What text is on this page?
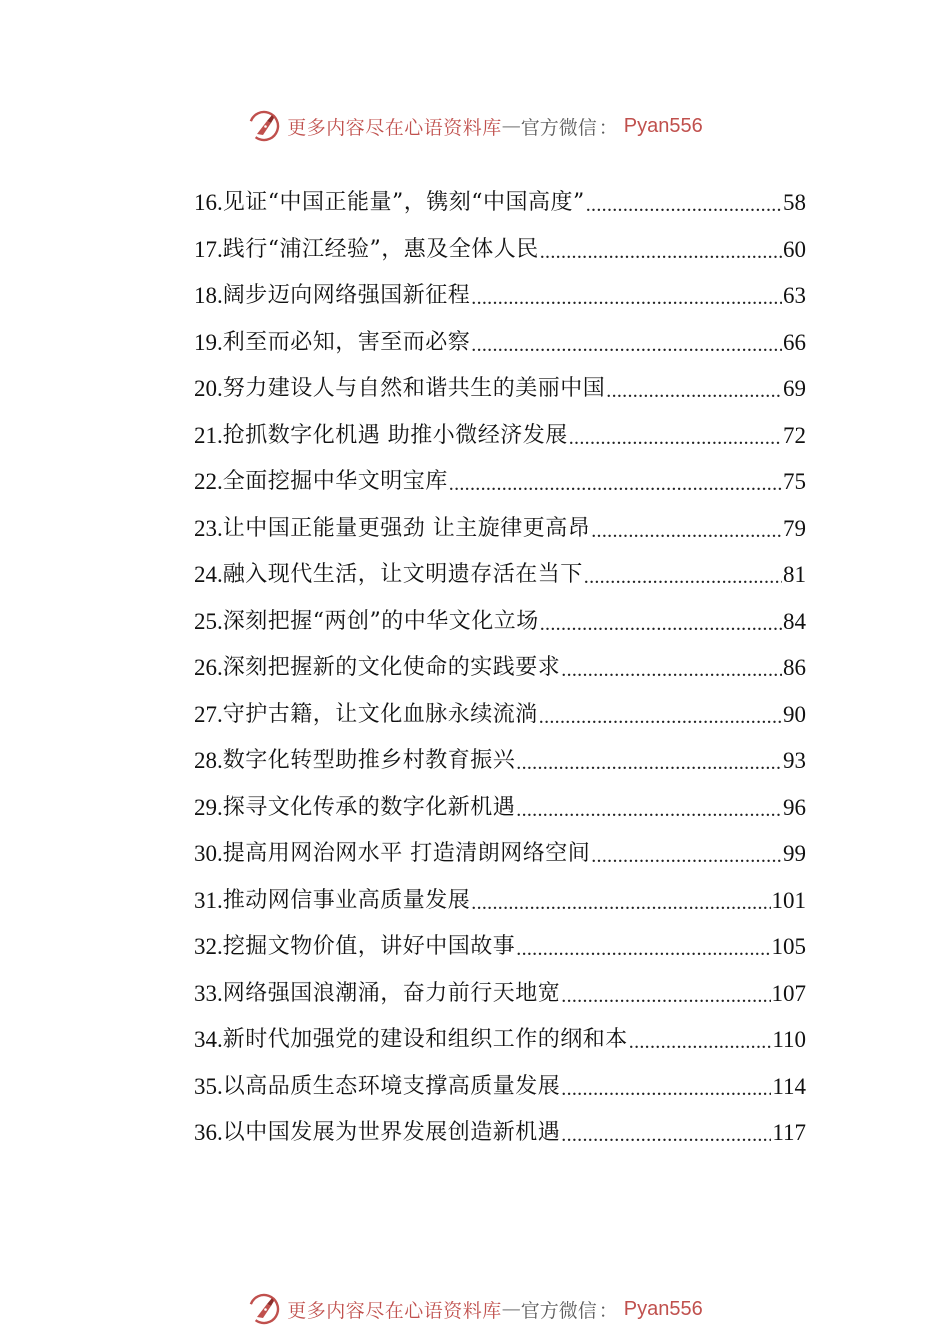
更多内容尽在心语资料库 — 官方微信 ： Pyan556
16. 见证“中国正能量”，镌刻“中国高度” .....	58
17. 践行“浦江经验”，惠及全体人民 .....	60
18. 阔步迈向网络强国新征程 .....	63
19. 利至而必知，害至而必察 .....	66
20. 努力建设人与自然和谐共生的美丽中国 .....	69
21. 抢抓数字化机遇 助推小微经济发展 .....	72
22. 全面挖掘中华文明宝库 .....	75
23. 让中国正能量更强劲 让主旋律更高昂 .....	79
24. 融入现代生活，让文明遗存活在当下 .....	81
25. 深刻把握“两创”的中华文化立场 .....	84
26. 深刻把握新的文化使命的实践要求 .....	86
27. 守护古籍，让文化血脉永续流淌 .....	90
28. 数字化转型助推乡村教育振兴 .....	93
29. 探寻文化传承的数字化新机遇 .....	96
30. 提高用网治网水平 打造清朗网络空间 .....	99
31. 推动网信事业高质量发展 .....	101
32. 挖掘文物价值，讲好中国故事 .....	105
33. 网络强国浪潮涌，奋力前行天地宽 .....	107
34. 新时代加强党的建设和组织工作的纲和本 .....	110
35. 以高品质生态环境支撑高质量发展 .....	114
36. 以中国发展为世界发展创造新机遇 .....	117
更多内容尽在心语资料库 — 官方微信 ： Pyan556
